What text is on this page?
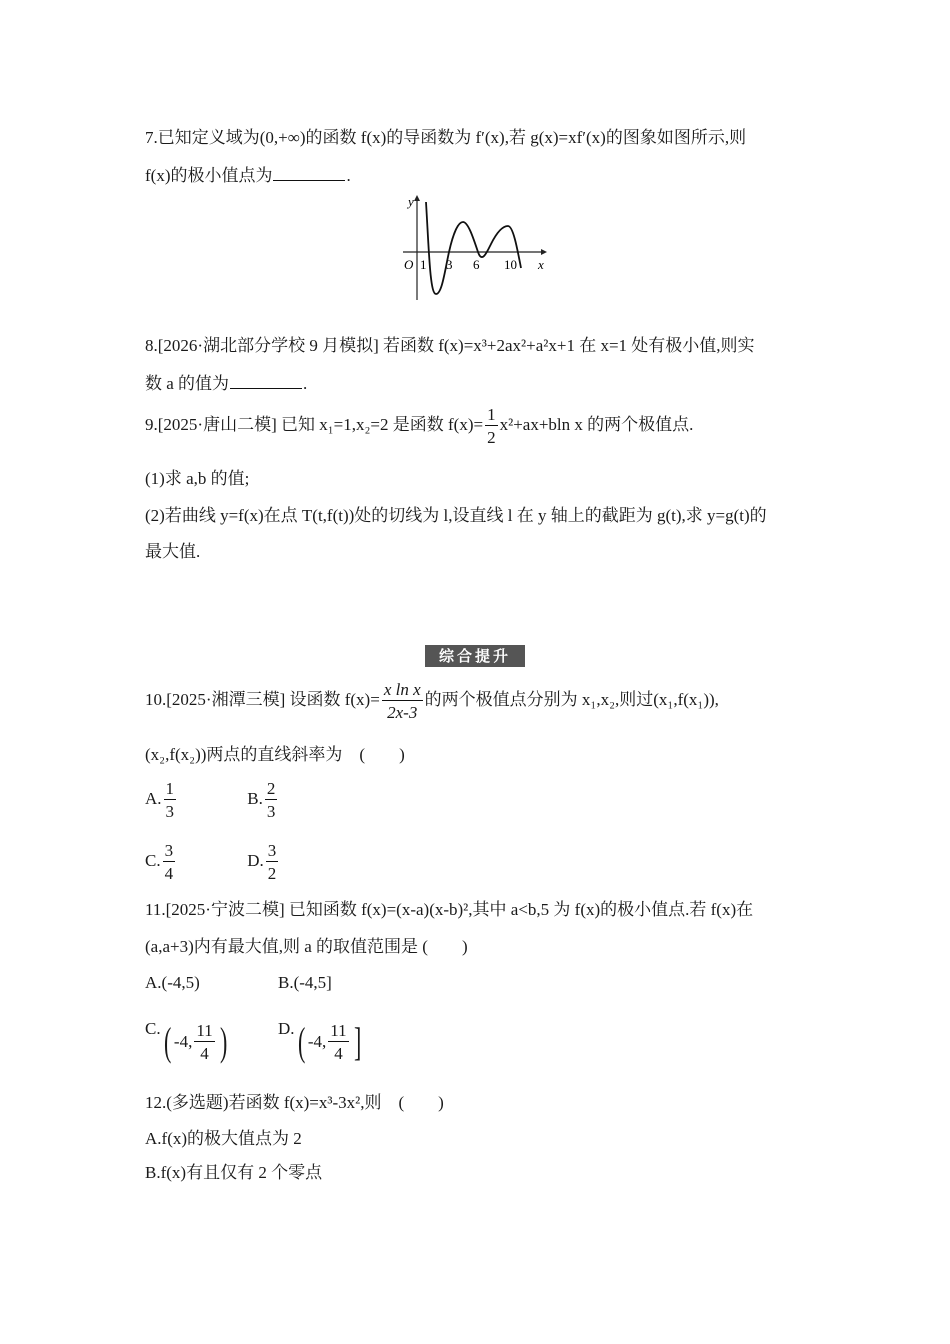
7.已知定义域为(0,+∞)的函数 f(x)的导函数为 f′(x),若 g(x)=xf′(x)的图象如图所示,则
f(x)的极小值点为	.
y
x
O 1 3 6 10
8.[2026·湖北部分学校 9 月模拟] 若函数 f(x)=x³+2ax²+a²x+1 在 x=1 处有极小值,则实
数 a 的值为	.
9.[2025·唐山二模] 已知 x₁=1,x₂=2 是函数 $f(x)= \frac{1}{2} x^2+ax+bln$ x 的两个极值点.
(1)求 a,b 的值;
(2)若曲线 y=f(x)在点 T(t,f(t))处的切线为 l,设直线 l 在 y 轴上的截距为 g(t),求 y=g(t)的
最大值.
综合提升
10.[2025·湘潭三模] 设函数 $f(x)= \frac{\text{x ln x}}{2x-3}$ 的两个极值点分别为 x₁,x₂,则过(x₁,f(x₁)),
(x₂,f(x₂))两点的直线斜率为　(　　)
A. $\frac{1}{3}$	B. $\frac{2}{3}$
C. $\frac{3}{4}$	D. $\frac{3}{2}$
11.[2025·宁波二模] 已知函数 f(x)=(x-a)(x-b)²,其中 a<b,5 为 f(x)的极小值点.若 f(x)在
(a,a+3)内有最大值,则 a 的取值范围是 (　　)
A.(-4,5)	B.(-4,5]
C.( -4, $\frac{11}{4}$ )	D.( -4, $\frac{11}{4}$ ]
12.(多选题)若函数 f(x)=x³-3x²,则　(　　)
A.f(x)的极大值点为 2
B.f(x)有且仅有 2 个零点
